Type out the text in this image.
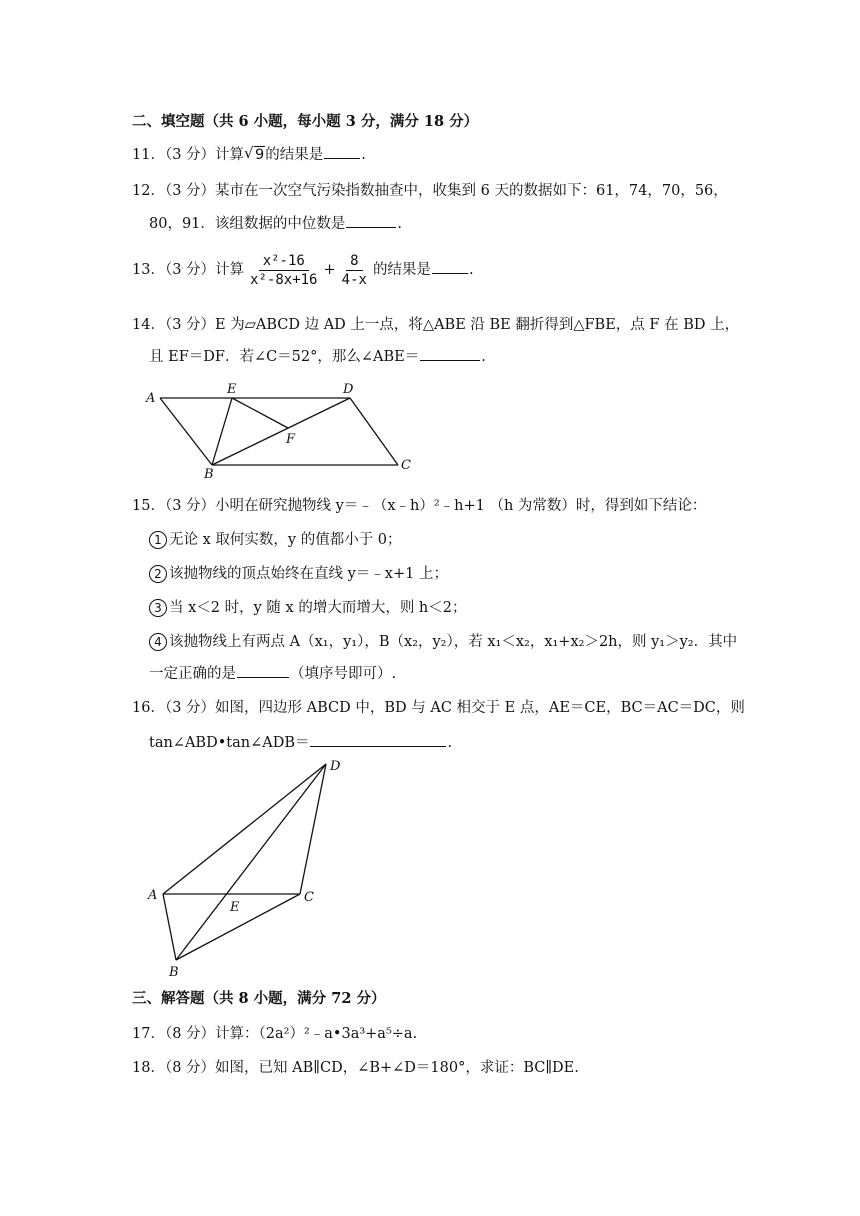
二、填空题（共 6 小题，每小题 3 分，满分 18 分）
11．（3 分）计算 √ 9的结果是	.
12．（3 分）某市在一次空气污染指数抽查中，收集到 6 天的数据如下：61，74，70，56，
80，91．该组数据的中位数是	.
13．（3 分）计算 $\frac{\text{x²-16}}{\text{x²-8x+16}} + \frac{8}{4-x}$ 的结果是	.
14．（3 分）E 为▱ABCD 边 AD 上一点，将△ABE 沿 BE 翻折得到△FBE，点 F 在 BD 上，
且 EF＝DF．若∠C＝52°，那么∠ABE＝	.
A
E	D
F
B
C
15．（3 分）小明在研究抛物线 y＝﹣（x﹣h）²﹣h+1 （h 为常数）时，得到如下结论：
1 无论 x 取何实数，y 的值都小于 0；
2 该抛物线的顶点始终在直线 y＝﹣x+1 上；
3 当 x＜2 时，y 随 x 的增大而增大，则 h＜2；
4 该抛物线上有两点 A（x₁，y₁），B（x₂，y₂），若 x₁＜x₂，x₁+x₂＞2h，则 y₁＞y₂．其中
一定正确的是	（填序号即可）.
16．（3 分）如图，四边形 ABCD 中，BD 与 AC 相交于 E 点，AE＝CE，BC＝AC＝DC，则
tan∠ABD•tan∠ADB＝	.
D
A	C
E
B
三、解答题（共 8 小题，满分 72 分）
17．（8 分）计算：（2a²）²﹣a•3a³+a⁵÷a.
18．（8 分）如图，已知 AB∥CD，∠B+∠D＝180°，求证：BC∥DE.
